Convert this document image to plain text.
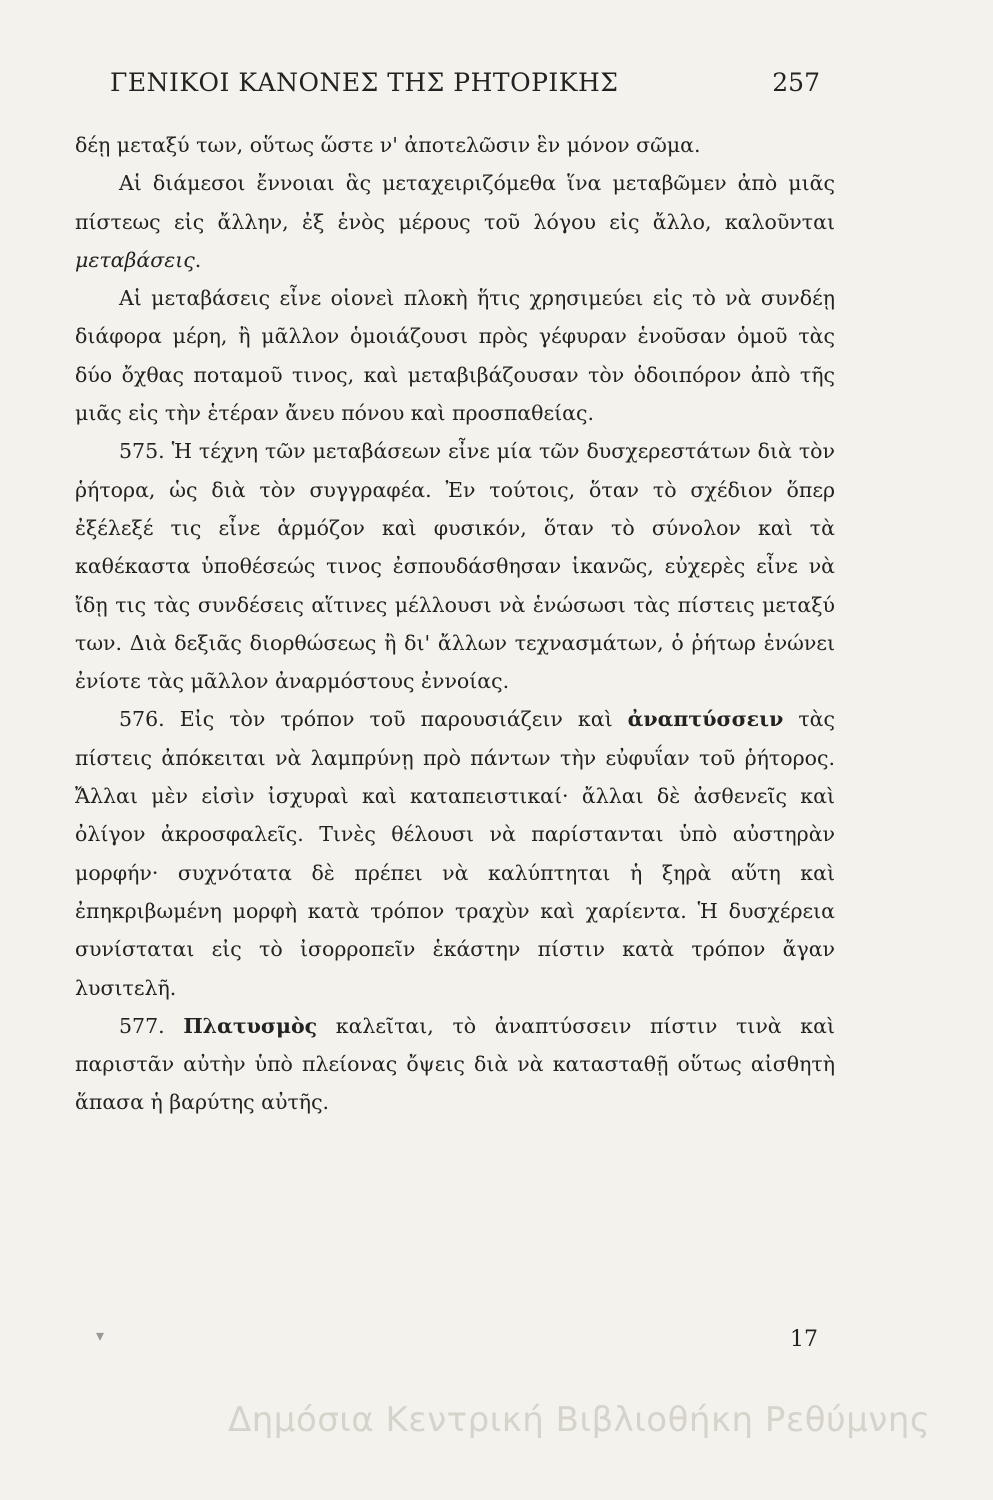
ΓΕΝΙΚΟΙ ΚΑΝΟΝΕΣ ΤΗΣ ΡΗΤΟΡΙΚΗΣ	257

δέῃ μεταξύ των, οὕτως ὥστε ν' ἀποτελῶσιν ἓν μόνον σῶμα.

Αἱ διάμεσοι ἔννοιαι ἃς μεταχειριζόμεθα ἵνα μεταβῶμεν ἀπὸ μιᾶς πίστεως εἰς ἄλλην, ἐξ ἑνὸς μέρους τοῦ λόγου εἰς ἄλλο, καλοῦνται μεταβάσεις.

Αἱ μεταβάσεις εἶνε οἱονεὶ πλοκὴ ἥτις χρησιμεύει εἰς τὸ νὰ συνδέῃ διάφορα μέρη, ἢ μᾶλλον ὁμοιάζουσι πρὸς γέφυραν ἑνοῦσαν ὁμοῦ τὰς δύο ὄχθας ποταμοῦ τινος, καὶ μεταβιβάζουσαν τὸν ὁδοιπόρον ἀπὸ τῆς μιᾶς εἰς τὴν ἑτέραν ἄνευ πόνου καὶ προσπαθείας.

575. Ἡ τέχνη τῶν μεταβάσεων εἶνε μία τῶν δυσχερεστάτων διὰ τὸν ῥήτορα, ὡς διὰ τὸν συγγραφέα. Ἐν τούτοις, ὅταν τὸ σχέδιον ὅπερ ἐξέλεξέ τις εἶνε ἁρμόζον καὶ φυσικόν, ὅταν τὸ σύνολον καὶ τὰ καθέκαστα ὑποθέσεώς τινος ἐσπουδάσθησαν ἱκανῶς, εὐχερὲς εἶνε νὰ ἴδῃ τις τὰς συνδέσεις αἵτινες μέλλουσι νὰ ἑνώσωσι τὰς πίστεις μεταξύ των. Διὰ δεξιᾶς διορθώσεως ἢ δι' ἄλλων τεχνασμάτων, ὁ ῥήτωρ ἑνώνει ἐνίοτε τὰς μᾶλλον ἀναρμόστους ἐννοίας.

576. Εἰς τὸν τρόπον τοῦ παρουσιάζειν καὶ ἀναπτύσσειν τὰς πίστεις ἀπόκειται νὰ λαμπρύνῃ πρὸ πάντων τὴν εὐφυΐαν τοῦ ῥήτορος. Ἄλλαι μὲν εἰσὶν ἰσχυραὶ καὶ καταπειστικαί· ἄλλαι δὲ ἀσθενεῖς καὶ ὀλίγον ἀκροσφαλεῖς. Τινὲς θέλουσι νὰ παρίστανται ὑπὸ αὐστηρὰν μορφήν· συχνότατα δὲ πρέπει νὰ καλύπτηται ἡ ξηρὰ αὕτη καὶ ἐπηκριβωμένη μορφὴ κατὰ τρόπον τραχὺν καὶ χαρίεντα. Ἡ δυσχέρεια συνίσταται εἰς τὸ ἰσορροπεῖν ἑκάστην πίστιν κατὰ τρόπον ἄγαν λυσιτελῆ.

577. Πλατυσμὸς καλεῖται, τὸ ἀναπτύσσειν πίστιν τινὰ καὶ παριστᾶν αὐτὴν ὑπὸ πλείονας ὄψεις διὰ νὰ κατασταθῇ οὕτως αἰσθητὴ ἅπασα ἡ βαρύτης αὐτῆς.

▾	17
Δημόσια Κεντρική Βιβλιοθήκη Ρεθύμνης
